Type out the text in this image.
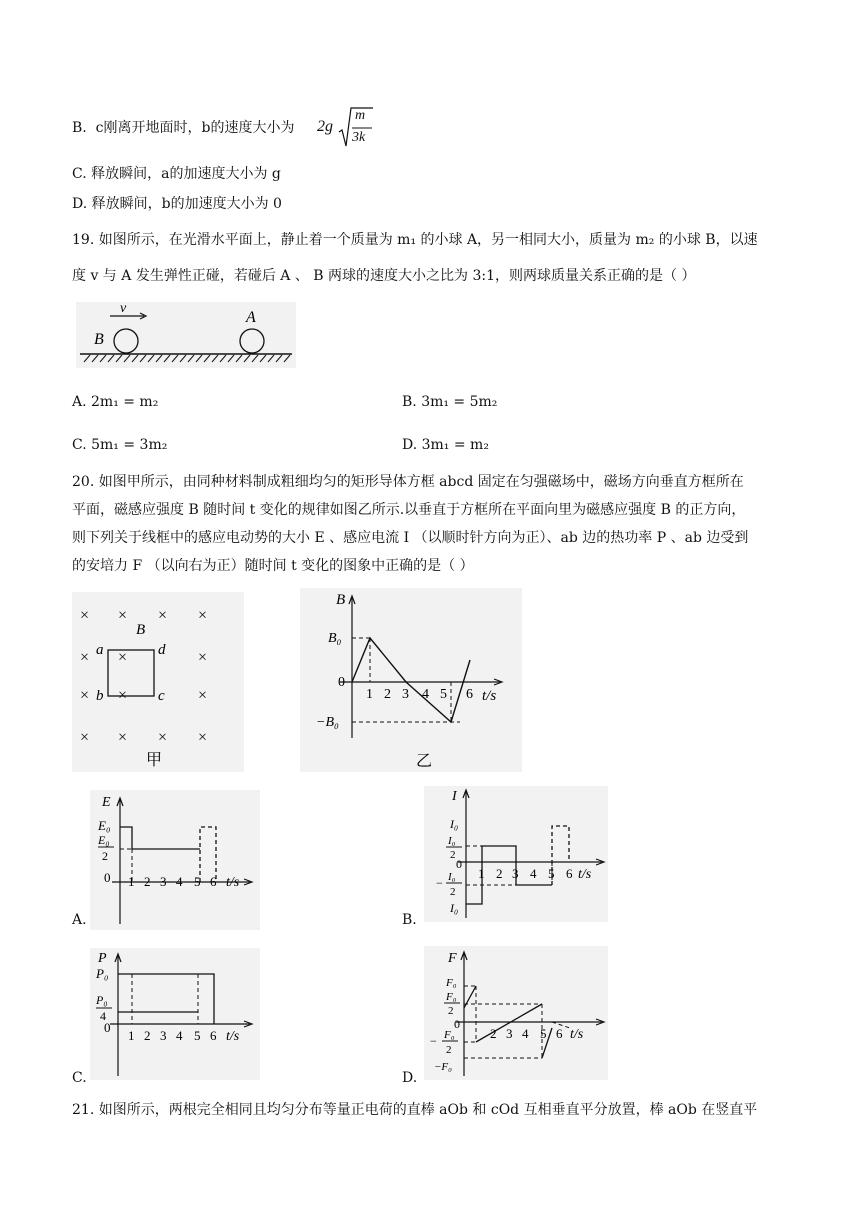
B. c刚离开地面时，b的速度大小为 2g
m
3k
C. 释放瞬间，a的加速度大小为 g
D. 释放瞬间，b的加速度大小为 0
19. 如图所示，在光滑水平面上，静止着一个质量为 m₁ 的小球 A，另一相同大小，质量为 m₂ 的小球 B，以速
度 v 与 A 发生弹性正碰，若碰后 A 、 B 两球的速度大小之比为 3:1，则两球质量关系正确的是（ ）
v
A
B
A. 2m₁ = m₂	B. 3m₁ = 5m₂
C. 5m₁ = 3m₂	D. 3m₁ = m₂
20. 如图甲所示，由同种材料制成粗细均匀的矩形导体方框 abcd 固定在匀强磁场中，磁场方向垂直方框所在
平面，磁感应强度 B 随时间 t 变化的规律如图乙所示.以垂直于方框所在平面向里为磁感应强度 B 的正方向，
则下列关于线框中的感应电动势的大小 E 、感应电流 I （以顺时针方向为正）、ab 边的热功率 P 、ab 边受到
的安培力 F （以向右为正）随时间 t 变化的图象中正确的是（ ）
× × × ×
× ×	×
× ×	×
× × × ×
B
a	d
b	c
甲
B
B₀
0
−B₀
1 2 3 4 5 6 t/s
乙
A.
E
E₀
E₀
2
0 1 2 3 4 5 6 t/s
B.
I
I₀
I₀
2
0
I₀
−
2
I₀
1 2 3 4 5 6 t/s
C.
P
P₀
P₀
4
0
1 2 3 4 5 6 t/s
D.
F
F₀
F₀
2
0
F₀
−
2
−F₀
2 3 4 5 6 t/s
21. 如图所示，两根完全相同且均匀分布等量正电荷的直棒 aOb 和 cOd 互相垂直平分放置，棒 aOb 在竖直平
